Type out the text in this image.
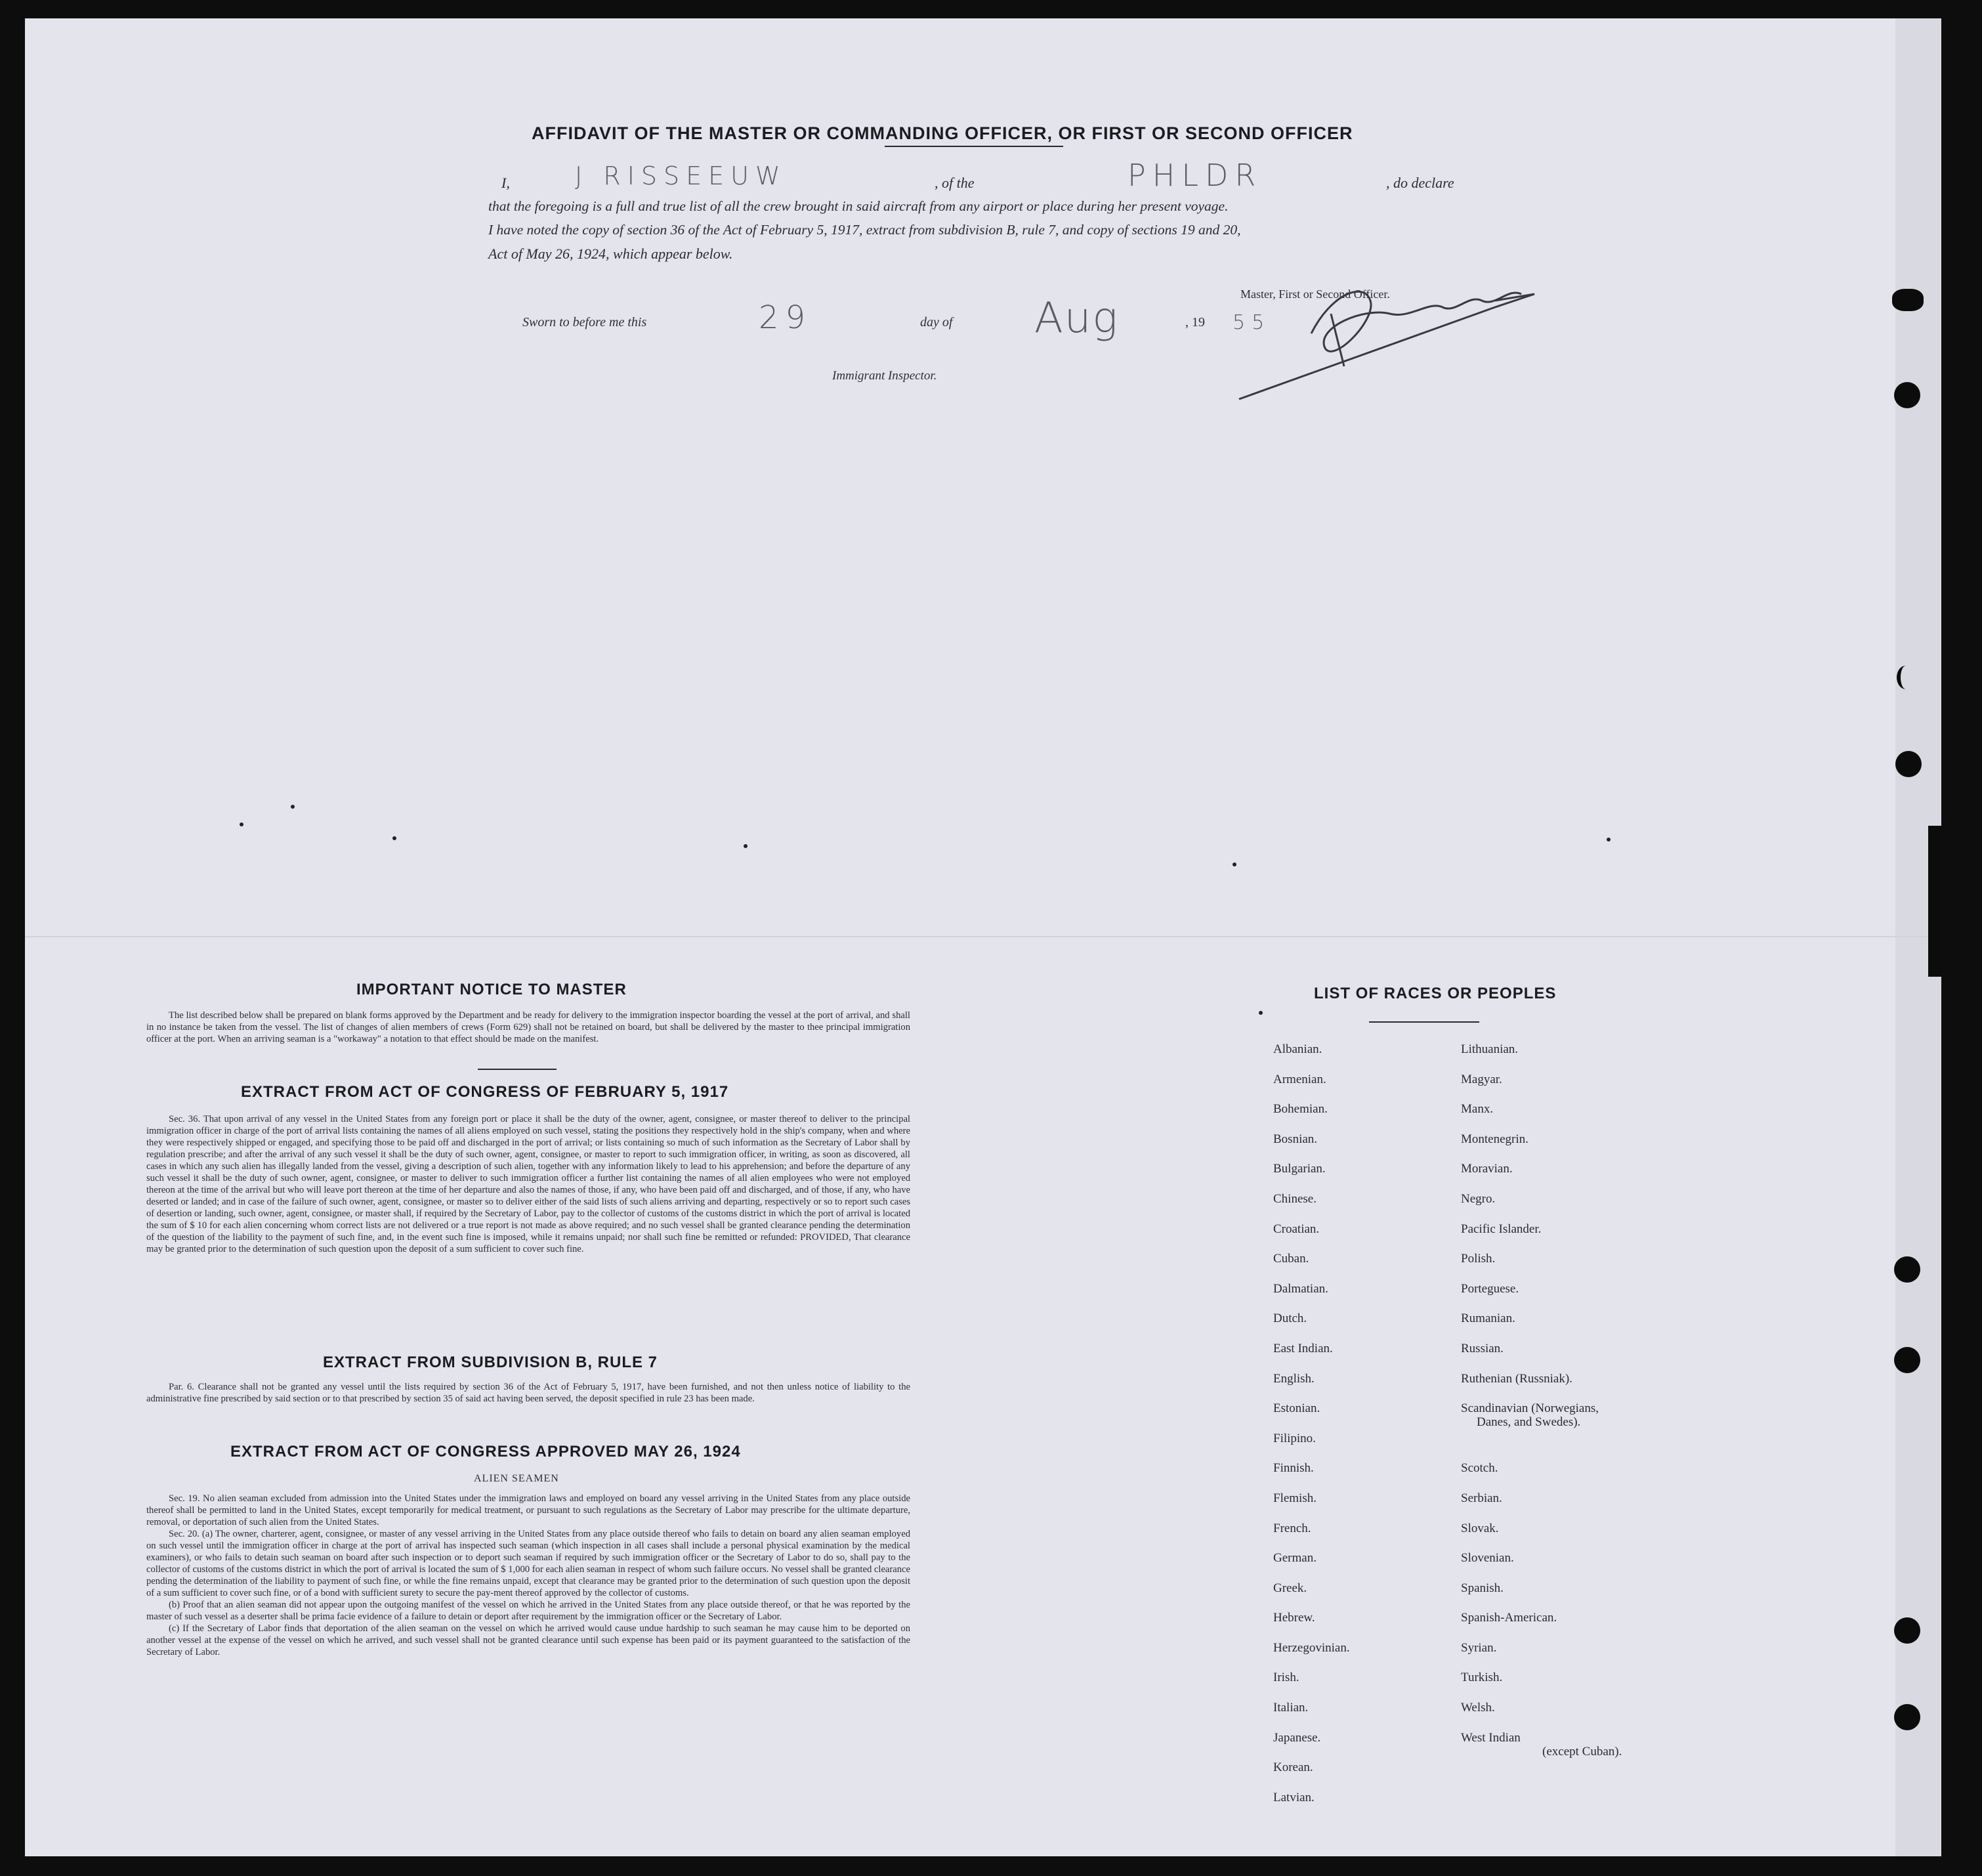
AFFIDAVIT OF THE MASTER OR COMMANDING OFFICER, OR FIRST OR SECOND OFFICER
I,	J RISSEEUW	, of the	PHLDR	, do declare

that the foregoing is a full and true list of all the crew brought in said aircraft from any airport or place during her present voyage.

I have noted the copy of section 36 of the Act of February 5, 1917, extract from subdivision B, rule 7, and copy of sections 19 and 20,

Act of May 26, 1924, which appear below.

Sworn to before me this	29	day of Aug	, 19 55
Master, First or Second Officer.
Immigrant Inspector.
IMPORTANT NOTICE TO MASTER

The list described below shall be prepared on blank forms approved by the Department and be ready for delivery to the immigration inspector boarding the vessel at the port of arrival, and shall in no instance be taken from the vessel. The list of changes of alien members of crews (Form 629) shall not be retained on board, but shall be delivered by the master to thee principal immigration officer at the port. When an arriving seaman is a "workaway" a notation to that effect should be made on the manifest.

EXTRACT FROM ACT OF CONGRESS OF FEBRUARY 5, 1917

Sec. 36. That upon arrival of any vessel in the United States from any foreign port or place it shall be the duty of the owner, agent, consignee, or master thereof to deliver to the principal immigration officer in charge of the port of arrival lists containing the names of all aliens employed on such vessel, stating the positions they respectively hold in the ship's company, when and where they were respectively shipped or engaged, and specifying those to be paid off and discharged in the port of arrival; or lists containing so much of such information as the Secretary of Labor shall by regulation prescribe; and after the arrival of any such vessel it shall be the duty of such owner, agent, consignee, or master to report to such immigration officer, in writing, as soon as discovered, all cases in which any such alien has illegally landed from the vessel, giving a description of such alien, together with any information likely to lead to his apprehension; and before the departure of any such vessel it shall be the duty of such owner, agent, consignee, or master to deliver to such immigration officer a further list containing the names of all alien employees who were not employed thereon at the time of the arrival but who will leave port thereon at the time of her departure and also the names of those, if any, who have been paid off and discharged, and of those, if any, who have deserted or landed; and in case of the failure of such owner, agent, consignee, or master so to deliver either of the said lists of such aliens arriving and departing, respectively or so to report such cases of desertion or landing, such owner, agent, consignee, or master shall, if required by the Secretary of Labor, pay to the collector of customs of the customs district in which the port of arrival is located the sum of $ 10 for each alien concerning whom correct lists are not delivered or a true report is not made as above required; and no such vessel shall be granted clearance pending the determination of the question of the liability to the payment of such fine, and, in the event such fine is imposed, while it remains unpaid; nor shall such fine be remitted or refunded: PROVIDED, That clearance may be granted prior to the determination of such question upon the deposit of a sum sufficient to cover such fine.

EXTRACT FROM SUBDIVISION B, RULE 7

Par. 6. Clearance shall not be granted any vessel until the lists required by section 36 of the Act of February 5, 1917, have been furnished, and not then unless notice of liability to the administrative fine prescribed by said section or to that prescribed by section 35 of said act having been served, the deposit specified in rule 23 has been made.

EXTRACT FROM ACT OF CONGRESS APPROVED MAY 26, 1924
ALIEN SEAMEN

Sec. 19. No alien seaman excluded from admission into the United States under the immigration laws and employed on board any vessel arriving in the United States from any place outside thereof shall be permitted to land in the United States, except temporarily for medical treatment, or pursuant to such regulations as the Secretary of Labor may prescribe for the ultimate departure, removal, or deportation of such alien from the United States.

Sec. 20. (a) The owner, charterer, agent, consignee, or master of any vessel arriving in the United States from any place outside thereof who fails to detain on board any alien seaman employed on such vessel until the immigration officer in charge at the port of arrival has inspected such seaman (which inspection in all cases shall include a personal physical examination by the medical examiners), or who fails to detain such seaman on board after such inspection or to deport such seaman if required by such immigration officer or the Secretary of Labor to do so, shall pay to the collector of customs of the customs district in which the port of arrival is located the sum of $ 1,000 for each alien seaman in respect of whom such failure occurs. No vessel shall be granted clearance pending the determination of the liability to payment of such fine, or while the fine remains unpaid, except that clearance may be granted prior to the determination of such question upon the deposit of a sum sufficient to cover such fine, or of a bond with sufficient surety to secure the pay-ment thereof approved by the collector of customs.

(b) Proof that an alien seaman did not appear upon the outgoing manifest of the vessel on which he arrived in the United States from any place outside thereof, or that he was reported by the master of such vessel as a deserter shall be prima facie evidence of a failure to detain or deport after requirement by the immigration officer or the Secretary of Labor.

(c) If the Secretary of Labor finds that deportation of the alien seaman on the vessel on which he arrived would cause undue hardship to such seaman he may cause him to be deported on another vessel at the expense of the vessel on which he arrived, and such vessel shall not be granted clearance until such expense has been paid or its payment guaranteed to the satisfaction of the Secretary of Labor.

LIST OF RACES OR PEOPLES
Albanian.
Armenian.
Bohemian.
Bosnian.
Bulgarian.
Chinese.
Croatian.
Cuban.
Dalmatian.
Dutch.
East Indian.
English.
Estonian.
Filipino.
Finnish.
Flemish.
French.
German.
Greek.
Hebrew.
Herzegovinian.
Irish.
Italian.
Japanese.
Korean.
Latvian.
Lithuanian.
Magyar.
Manx.
Montenegrin.
Moravian.
Negro.
Pacific Islander.
Polish.
Porteguese.
Rumanian.
Russian.
Ruthenian (Russniak).
Scandinavian (Norwegians,
Danes, and Swedes).
Scotch.
Serbian.
Slovak.
Slovenian.
Spanish.
Spanish-American.
Syrian.
Turkish.
Welsh.
West Indian
(except Cuban).
